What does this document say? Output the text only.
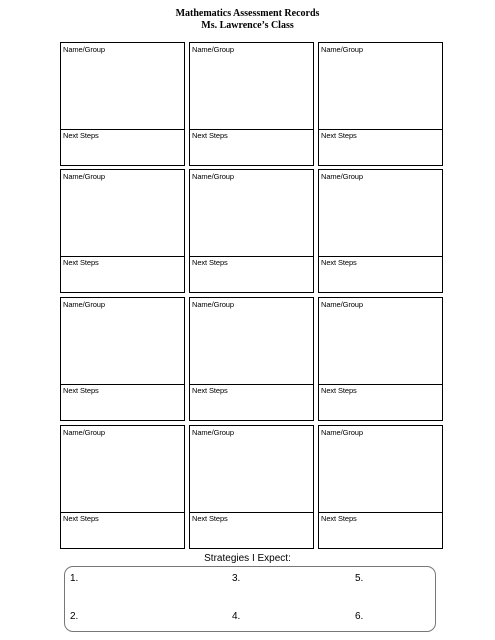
Mathematics Assessment Records
Ms. Lawrence’s Class
Name/Group
Next Steps
Name/Group
Next Steps
Name/Group
Next Steps
Name/Group
Next Steps
Name/Group
Next Steps
Name/Group
Next Steps
Name/Group
Next Steps
Name/Group
Next Steps
Name/Group
Next Steps
Name/Group
Next Steps
Name/Group
Next Steps
Name/Group
Next Steps
Strategies I Expect:
1.
2.
3.
4.
5.
6.
